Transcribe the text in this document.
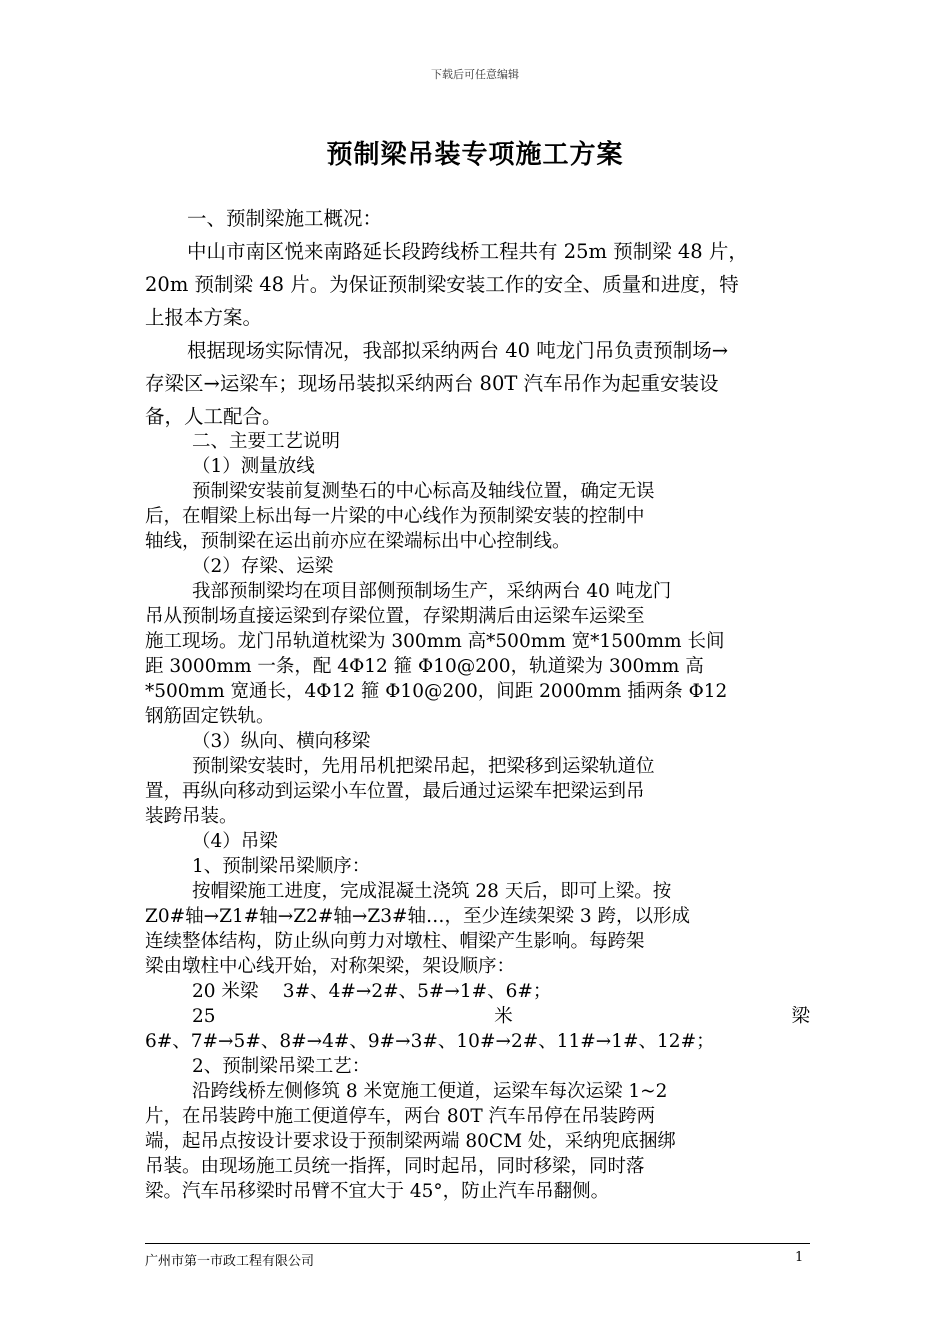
下载后可任意编辑
预制梁吊装专项施工方案
一、预制梁施工概况：
中山市南区悦来南路延长段跨线桥工程共有 25m 预制梁 48 片，
20m 预制梁 48 片。为保证预制梁安装工作的安全、质量和进度，特
上报本方案。
根据现场实际情况，我部拟采纳两台 40 吨龙门吊负责预制场→
存梁区→运梁车；现场吊装拟采纳两台 80T 汽车吊作为起重安装设
备，人工配合。
二、主要工艺说明
（1）测量放线
预制梁安装前复测垫石的中心标高及轴线位置，确定无误
后，在帽梁上标出每一片梁的中心线作为预制梁安装的控制中
轴线，预制梁在运出前亦应在梁端标出中心控制线。
（2）存梁、运梁
我部预制梁均在项目部侧预制场生产，采纳两台 40 吨龙门
吊从预制场直接运梁到存梁位置，存梁期满后由运梁车运梁至
施工现场。龙门吊轨道枕梁为 300mm 高*500mm 宽*1500mm 长间
距 3000mm 一条，配 4Φ12 箍 Φ10@200，轨道梁为 300mm 高
*500mm 宽通长，4Φ12 箍 Φ10@200，间距 2000mm 插两条 Φ12
钢筋固定铁轨。
（3）纵向、横向移梁
预制梁安装时，先用吊机把梁吊起，把梁移到运梁轨道位
置，再纵向移动到运梁小车位置，最后通过运梁车把梁运到吊
装跨吊装。
（4）吊梁
1、预制梁吊梁顺序：
按帽梁施工进度，完成混凝土浇筑 28 天后，即可上梁。按
Z0#轴→Z1#轴→Z2#轴→Z3#轴…，至少连续架梁 3 跨，以形成
连续整体结构，防止纵向剪力对墩柱、帽梁产生影响。每跨架
梁由墩柱中心线开始，对称架梁，架设顺序：
20 米梁　 3#、4#→2#、5#→1#、6#；
25	米	梁
6#、7#→5#、8#→4#、9#→3#、10#→2#、11#→1#、12#；
2、预制梁吊梁工艺：
沿跨线桥左侧修筑 8 米宽施工便道，运梁车每次运梁 1~2
片，在吊装跨中施工便道停车，两台 80T 汽车吊停在吊装跨两
端，起吊点按设计要求设于预制梁两端 80CM 处，采纳兜底捆绑
吊装。由现场施工员统一指挥，同时起吊，同时移梁，同时落
梁。汽车吊移梁时吊臂不宜大于 45°，防止汽车吊翻侧。
广州市第一市政工程有限公司	1
